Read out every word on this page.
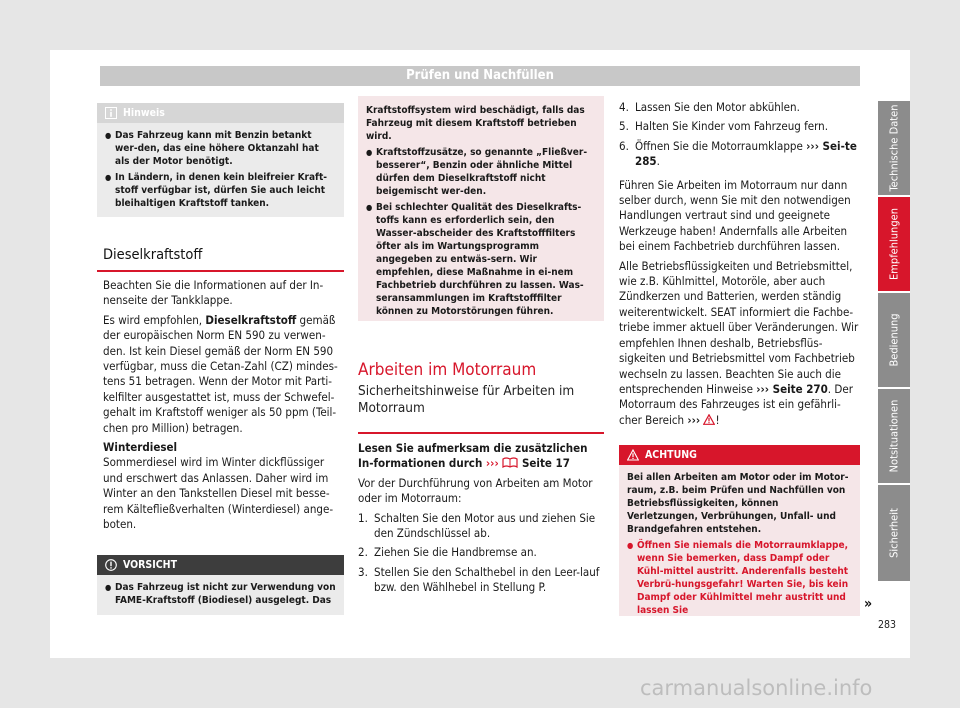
Prüfen und Nachfüllen
Hinweis

● Das Fahrzeug kann mit Benzin betankt wer-den, das eine höhere Oktanzahl hat als der Motor benötigt.

● In Ländern, in denen kein bleifreier Kraft-stoff verfügbar ist, dürfen Sie auch leicht bleihaltigen Kraftstoff tanken.

Dieselkraftstoff

Beachten Sie die Informationen auf der In-nenseite der Tankklappe.

Es wird empfohlen, Dieselkraftstoff gemäß der europäischen Norm EN 590 zu verwen-den. Ist kein Diesel gemäß der Norm EN 590 verfügbar, muss die Cetan-Zahl (CZ) mindes-tens 51 betragen. Wenn der Motor mit Parti-kelfilter ausgestattet ist, muss der Schwefel-gehalt im Kraftstoff weniger als 50 ppm (Teil-chen pro Million) betragen.

Winterdiesel

Sommerdiesel wird im Winter dickflüssiger und erschwert das Anlassen. Daher wird im Winter an den Tankstellen Diesel mit besse-rem Kältefließverhalten (Winterdiesel) ange-boten.

VORSICHT

● Das Fahrzeug ist nicht zur Verwendung von FAME-Kraftstoff (Biodiesel) ausgelegt. Das

Kraftstoffsystem wird beschädigt, falls das Fahrzeug mit diesem Kraftstoff betrieben wird.

● Kraftstoffzusätze, so genannte „Fließver-besserer“, Benzin oder ähnliche Mittel dürfen dem Dieselkraftstoff nicht beigemischt wer-den.

● Bei schlechter Qualität des Dieselkrafts-toffs kann es erforderlich sein, den Wasser-abscheider des Kraftstofffilters öfter als im Wartungsprogramm angegeben zu entwäs-sern. Wir empfehlen, diese Maßnahme in ei-nem Fachbetrieb durchführen zu lassen. Was-seransammlungen im Kraftstofffilter können zu Motorstörungen führen.

Arbeiten im Motorraum
Sicherheitshinweise für Arbeiten im Motorraum

Lesen Sie aufmerksam die zusätzlichen In-formationen durch ››› Seite 17

Vor der Durchführung von Arbeiten am Motor oder im Motorraum:

1. Schalten Sie den Motor aus und ziehen Sie den Zündschlüssel ab.
2. Ziehen Sie die Handbremse an.
3. Stellen Sie den Schalthebel in den Leer-lauf bzw. den Wählhebel in Stellung P.
4. Lassen Sie den Motor abkühlen.
5. Halten Sie Kinder vom Fahrzeug fern.
6. Öffnen Sie die Motorraumklappe ››› Sei-te 285.

Führen Sie Arbeiten im Motorraum nur dann selber durch, wenn Sie mit den notwendigen Handlungen vertraut sind und geeignete Werkzeuge haben! Andernfalls alle Arbeiten bei einem Fachbetrieb durchführen lassen.

Alle Betriebsflüssigkeiten und Betriebsmittel, wie z.B. Kühlmittel, Motoröle, aber auch Zündkerzen und Batterien, werden ständig weiterentwickelt. SEAT informiert die Fachbe-triebe immer aktuell über Veränderungen. Wir empfehlen Ihnen deshalb, Betriebsflüs-sigkeiten und Betriebsmittel vom Fachbetrieb wechseln zu lassen. Beachten Sie auch die entsprechenden Hinweise ››› Seite 270. Der Motorraum des Fahrzeuges ist ein gefährli-cher Bereich ››› !

ACHTUNG

Bei allen Arbeiten am Motor oder im Motor-raum, z.B. beim Prüfen und Nachfüllen von Betriebsflüssigkeiten, können Verletzungen, Verbrühungen, Unfall- und Brandgefahren entstehen.

● Öffnen Sie niemals die Motorraumklappe, wenn Sie bemerken, dass Dampf oder Kühl-mittel austritt. Anderenfalls besteht Verbrü-hungsgefahr! Warten Sie, bis kein Dampf oder Kühlmittel mehr austritt und lassen Sie	»
Technische Daten
Empfehlungen
Bedienung
Notsituationen
Sicherheit
283
carmanualsonline.info
